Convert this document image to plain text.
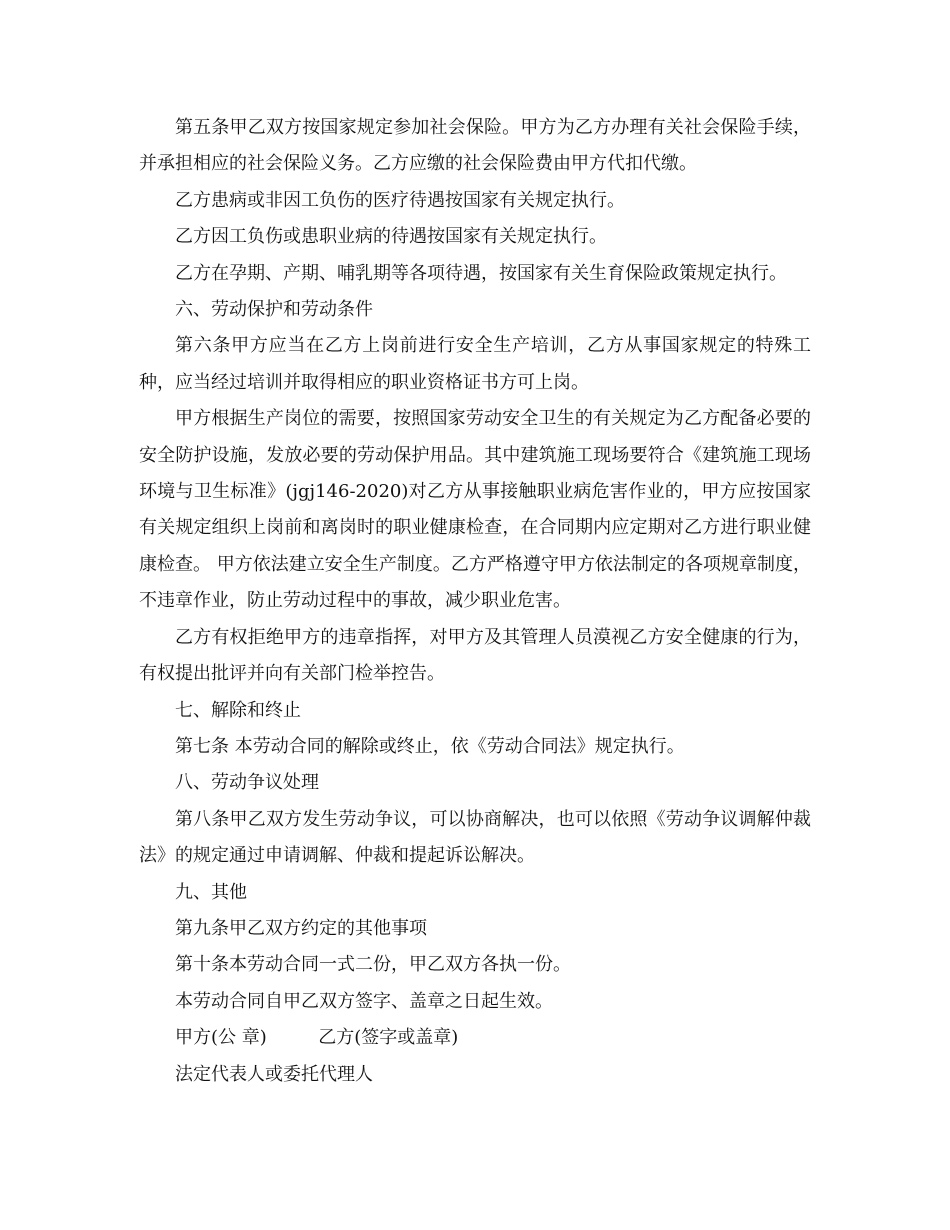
第五条甲乙双方按国家规定参加社会保险。甲方为乙方办理有关社会保险手续，并承担相应的社会保险义务。乙方应缴的社会保险费由甲方代扣代缴。

乙方患病或非因工负伤的医疗待遇按国家有关规定执行。

乙方因工负伤或患职业病的待遇按国家有关规定执行。

乙方在孕期、产期、哺乳期等各项待遇，按国家有关生育保险政策规定执行。

六、劳动保护和劳动条件

第六条甲方应当在乙方上岗前进行安全生产培训，乙方从事国家规定的特殊工种，应当经过培训并取得相应的职业资格证书方可上岗。

甲方根据生产岗位的需要，按照国家劳动安全卫生的有关规定为乙方配备必要的安全防护设施，发放必要的劳动保护用品。其中建筑施工现场要符合《建筑施工现场环境与卫生标准》(jgj146-2020)对乙方从事接触职业病危害作业的，甲方应按国家有关规定组织上岗前和离岗时的职业健康检查，在合同期内应定期对乙方进行职业健康检查。 甲方依法建立安全生产制度。乙方严格遵守甲方依法制定的各项规章制度，不违章作业，防止劳动过程中的事故，减少职业危害。

乙方有权拒绝甲方的违章指挥，对甲方及其管理人员漠视乙方安全健康的行为，有权提出批评并向有关部门检举控告。

七、解除和终止

第七条 本劳动合同的解除或终止，依《劳动合同法》规定执行。

八、劳动争议处理

第八条甲乙双方发生劳动争议，可以协商解决，也可以依照《劳动争议调解仲裁法》的规定通过申请调解、仲裁和提起诉讼解决。

九、其他

第九条甲乙双方约定的其他事项

第十条本劳动合同一式二份，甲乙双方各执一份。

本劳动合同自甲乙双方签字、盖章之日起生效。

甲方(公 章)         乙方(签字或盖章)

法定代表人或委托代理人
